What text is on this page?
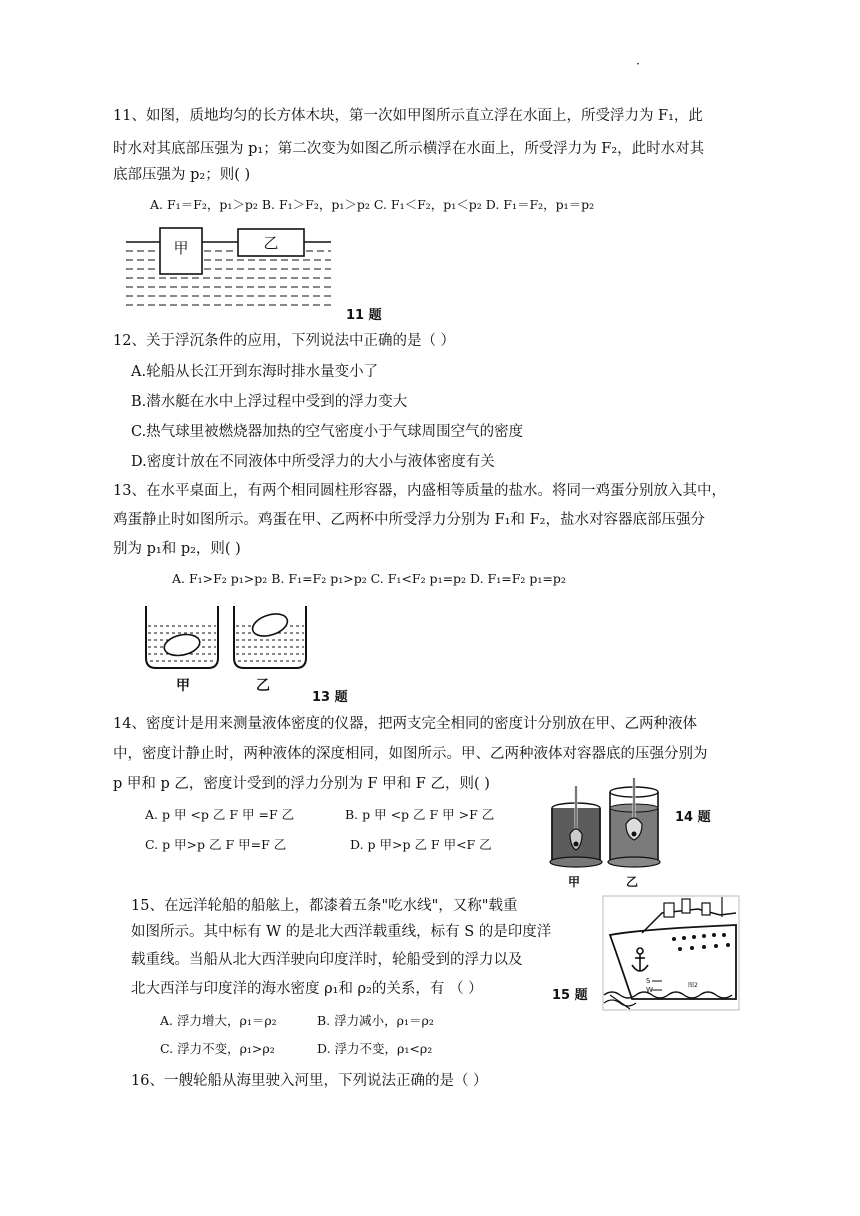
·
11、如图，质地均匀的长方体木块，第一次如甲图所示直立浮在水面上，所受浮力为 F₁，此
时水对其底部压强为 p₁；第二次变为如图乙所示横浮在水面上，所受浮力为 F₂，此时水对其
底部压强为 p₂；则( )
A. F₁＝F₂，p₁＞p₂ B. F₁＞F₂，p₁＞p₂ C. F₁＜F₂，p₁＜p₂ D. F₁＝F₂，p₁＝p₂
甲	乙
11 题
12、关于浮沉条件的应用，下列说法中正确的是（ ）
A.轮船从长江开到东海时排水量变小了
B.潜水艇在水中上浮过程中受到的浮力变大
C.热气球里被燃烧器加热的空气密度小于气球周围空气的密度
D.密度计放在不同液体中所受浮力的大小与液体密度有关
13、在水平桌面上，有两个相同圆柱形容器，内盛相等质量的盐水。将同一鸡蛋分别放入其中，
鸡蛋静止时如图所示。鸡蛋在甲、乙两杯中所受浮力分别为 F₁和 F₂，盐水对容器底部压强分
别为 p₁和 p₂，则( )
A. F₁>F₂ p₁>p₂ B. F₁=F₂ p₁>p₂ C. F₁<F₂ p₁=p₂ D. F₁=F₂ p₁=p₂
甲	乙
13 题
14、密度计是用来测量液体密度的仪器，把两支完全相同的密度计分别放在甲、乙两种液体
中，密度计静止时，两种液体的深度相同，如图所示。甲、乙两种液体对容器底的压强分别为
p 甲和 p 乙，密度计受到的浮力分别为 F 甲和 F 乙，则( )
A. p 甲 <p 乙 F 甲 =F 乙	B. p 甲 <p 乙 F 甲 >F 乙
C. p 甲>p 乙 F 甲=F 乙	D. p 甲>p 乙 F 甲<F 乙
甲	乙
14 题
15、在远洋轮船的船舷上，都漆着五条"吃水线"，又称"载重
如图所示。其中标有 W 的是北大西洋载重线，标有 S 的是印度洋
载重线。当船从北大西洋驶向印度洋时，轮船受到的浮力以及
北大西洋与印度洋的海水密度 ρ₁和 ρ₂的关系，有 （ ）
A. 浮力增大，ρ₁＝ρ₂	B. 浮力减小，ρ₁＝ρ₂
C. 浮力不变，ρ₁>ρ₂	D. 浮力不变，ρ₁<ρ₂
15 题
S
W
图2
16、一艘轮船从海里驶入河里，下列说法正确的是（ ）
